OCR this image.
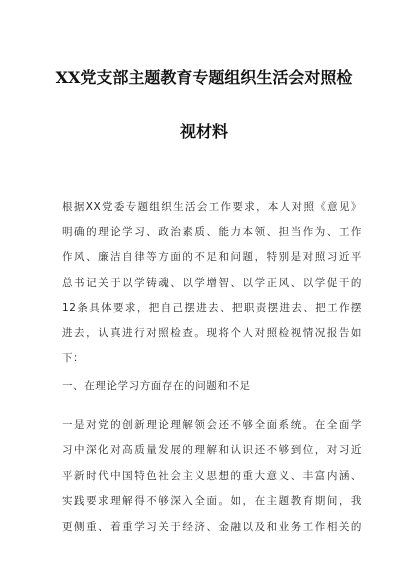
XX党支部主题教育专题组织生活会对照检
视材料
根据XX党委专题组织生活会工作要求，本人对照《意见》
明确的理论学习、政治素质、能力本领、担当作为、工作
作风、廉洁自律等方面的不足和问题，特别是对照习近平
总书记关于以学铸魂、以学增智、以学正风、以学促干的
12条具体要求，把自己摆进去、把职责摆进去、把工作摆
进去，认真进行对照检查。现将个人对照检视情况报告如
下：
一、在理论学习方面存在的问题和不足
一是对党的创新理论理解领会还不够全面系统。在全面学
习中深化对高质量发展的理解和认识还不够到位，对习近
平新时代中国特色社会主义思想的重大意义、丰富内涵、
实践要求理解得不够深入全面。如，在主题教育期间，我
更侧重、着重学习关于经济、金融以及和业务工作相关的
